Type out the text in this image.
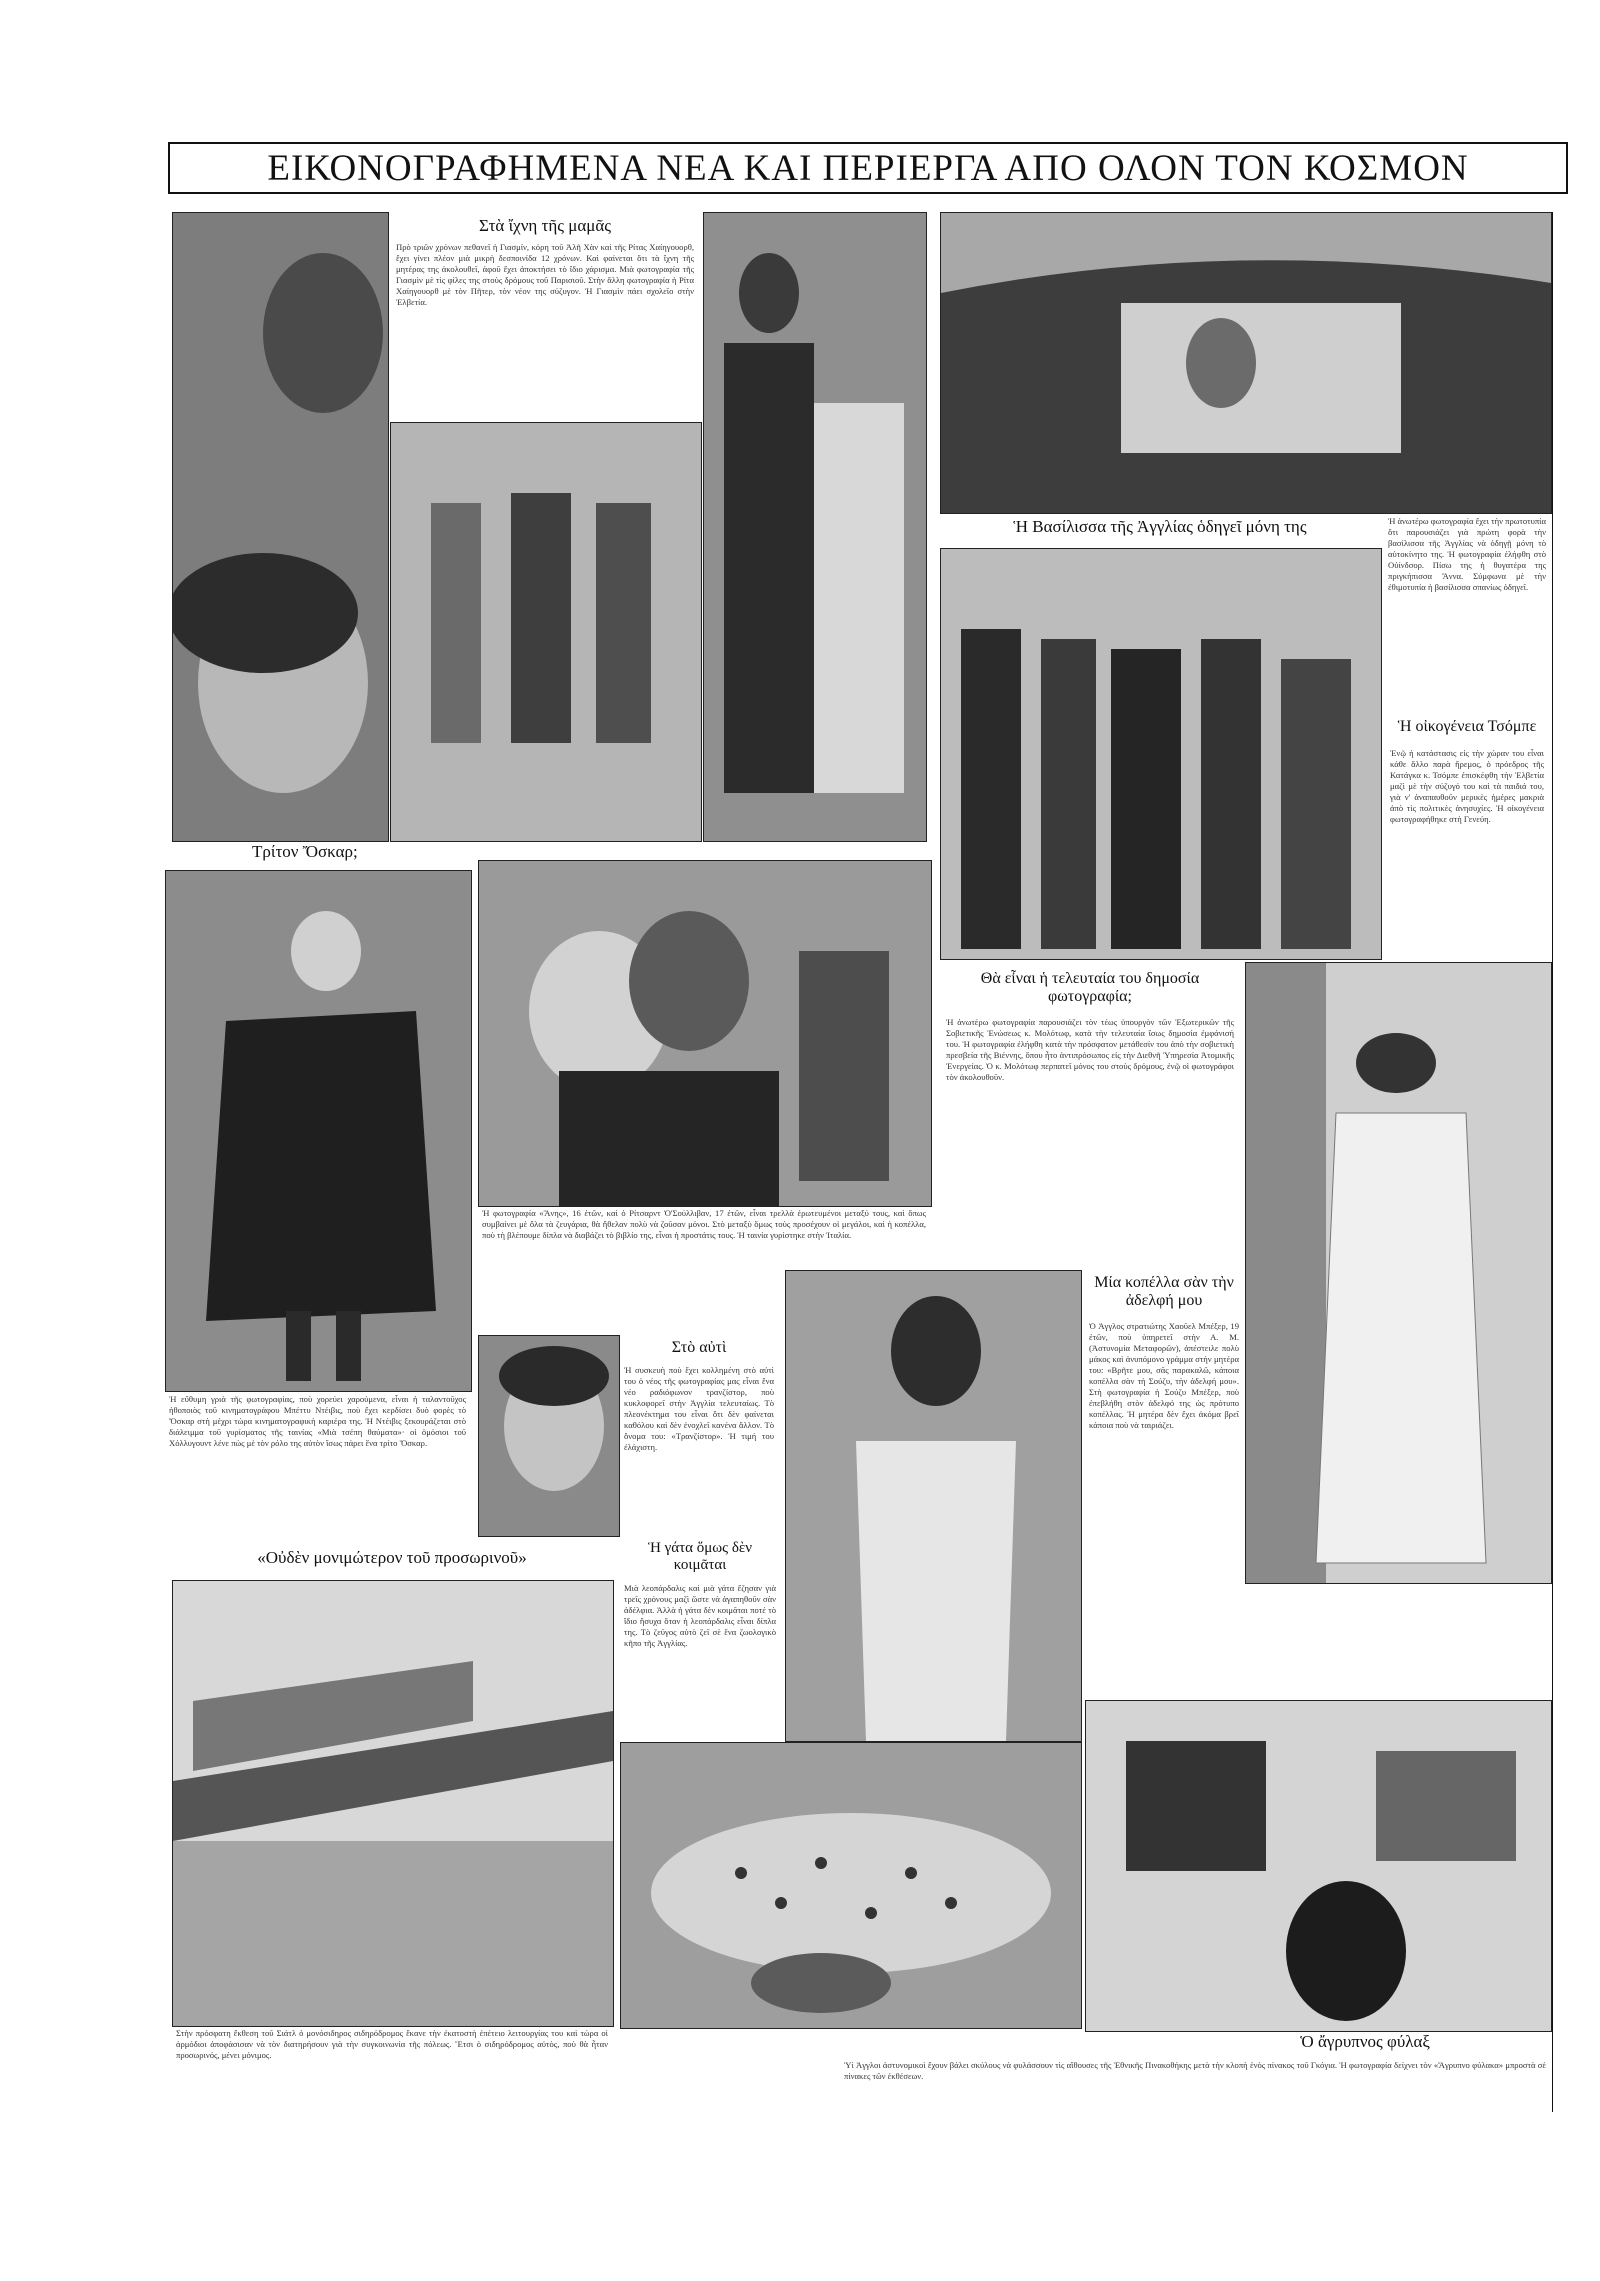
ΕΙΚΟΝΟΓΡΑΦΗΜΕΝΑ ΝΕΑ ΚΑΙ ΠΕΡΙΕΡΓΑ ΑΠΟ ΟΛΟΝ ΤΟΝ ΚΟΣΜΟΝ
Στὰ ἴχνη τῆς μαμᾶς
Πρὸ τριῶν χρόνων πεθανεῖ ἡ Γιασμίν, κόρη τοῦ Ἀλῆ Χὰν καὶ τῆς Ρίτας Χαίηγουορθ, ἔχει γίνει πλέον μιὰ μικρὴ δεσποινίδα 12 χρόνων. Καὶ φαίνεται ὅτι τὰ ἴχνη τῆς μητέρας της ἀκολουθεῖ, ἀφοῦ ἔχει ἀποκτήσει τὸ ἴδιο χάρισμα. Μιὰ φωτογραφία τῆς Γιασμὶν μὲ τὶς φίλες της στοὺς δρόμους τοῦ Παρισιοῦ. Στὴν ἄλλη φωτογραφία ἡ Ρίτα Χαίηγουορθ μὲ τὸν Πῆτερ, τὸν νέον της σύζυγον. Ἡ Γιασμὶν πάει σχολεῖο στὴν Ἐλβετία.
Ἡ Βασίλισσα τῆς Ἀγγλίας ὁδηγεῖ μόνη της	Ἡ ἀνωτέρω φωτογραφία ἔχει τὴν πρωτοτυπία ὅτι παρουσιάζει γιὰ πρώτη φορὰ τὴν βασίλισσα τῆς Ἀγγλίας νὰ ὁδηγῇ μόνη τὸ αὐτοκίνητο της. Ἡ φωτογραφία ἐλήφθη στὸ Οὐίνδσορ. Πίσω της ἡ θυγατέρα της πριγκήπισσα Ἄννα. Σύμφωνα μὲ τὴν ἐθιμοτυπία ἡ βασίλισσα σπανίως ὁδηγεῖ.
Ἡ οἰκογένεια Τσόμπε
Ἐνῷ ἡ κατάστασις εἰς τὴν χώραν του εἶναι κάθε ἄλλο παρὰ ἤρεμος, ὁ πρόεδρος τῆς Κατάγκα κ. Τσόμπε ἐπισκέφθη τὴν Ἑλβετία μαζὶ μὲ τὴν σύζυγό του καὶ τὰ παιδιά του, γιὰ ν' ἀναπαυθοῦν μερικὲς ἡμέρες μακριὰ ἀπὸ τὶς πολιτικὲς ἀνησυχίες. Ἡ οἰκογένεια φωτογραφήθηκε στὴ Γενεύη.
Τρίτον Ὄσκαρ;
Ἡ εὔθυμη γριὰ τῆς φωτογραφίας, ποὺ χορεύει χαρούμενα, εἶναι ἡ ταλαντοῦχος ἠθοποιὸς τοῦ κινηματογράφου Μπέττυ Ντέιβις, ποὺ ἔχει κερδίσει δυὸ φορὲς τὸ Ὄσκαρ στὴ μέχρι τώρα κινηματογραφικὴ καριέρα της. Ἡ Ντέιβις ξεκουράζεται στὸ διάλειμμα τοῦ γυρίσματος τῆς ταινίας «Μιὰ τσέπη θαύματα»· οἱ ὁμόσιοι τοῦ Χόλλυγουντ λένε πὼς μὲ τὸν ρόλο της αὐτὸν ἴσως πάρει ἕνα τρίτο Ὄσκαρ.
Ἡ φωτογραφία «Ἄνης», 16 ἐτῶν, καὶ ὁ Ρίτσαρντ Ὀ'Σούλλιβαν, 17 ἐτῶν, εἶναι τρελλὰ ἐρωτευμένοι μεταξύ τους, καὶ ὅπως συμβαίνει μὲ ὅλα τὰ ζευγάρια, θὰ ἤθελαν πολὺ νὰ ζοῦσαν μόνοι. Στὸ μεταξὺ ὅμως τοὺς προσέχουν οἱ μεγάλοι, καὶ ἡ κοπέλλα, ποὺ τὴ βλέπουμε δίπλα νὰ διαβάζει τὸ βιβλίο της, εἶναι ἡ προστάτις τους. Ἡ ταινία γυρίστηκε στὴν Ἰταλία.
Θὰ εἶναι ἡ τελευταία του δημοσία φωτογραφία;
Ἡ ἀνωτέρω φωτογραφία παρουσιάζει τὸν τέως ὑπουργὸν τῶν Ἐξωτερικῶν τῆς Σοβιετικῆς Ἑνώσεως κ. Μολότωφ, κατὰ τὴν τελευταία ἴσως δημοσία ἐμφάνισή του. Ἡ φωτογραφία ἐλήφθη κατὰ τὴν πρόσφατον μετάθεσίν του ἀπὸ τὴν σοβιετικὴ πρεσβεία τῆς Βιέννης, ὅπου ἦτο ἀντιπρόσωπος εἰς τὴν Διεθνῆ Ὑπηρεσία Ἀτομικῆς Ἐνεργείας. Ὁ κ. Μολότωφ περπατεῖ μόνος του στοὺς δρόμους, ἐνῷ οἱ φωτογράφοι τὸν ἀκολουθοῦν.
Στὸ αὐτὶ
Ἡ συσκευὴ ποὺ ἔχει κολλημένη στὸ αὐτὶ του ὁ νέος τῆς φωτογραφίας μας εἶναι ἕνα νέο ραδιόφωνον τρανζίστορ, ποὺ κυκλοφορεῖ στὴν Ἀγγλία τελευταίως. Τὸ πλεονέκτημα του εἶναι ὅτι δὲν φαίνεται καθόλου καὶ δὲν ἐνοχλεῖ κανένα ἄλλον. Τὸ ὄνομα του: «Τρανζίστορ». Ἡ τιμή του ἐλάχιστη.
Μία κοπέλλα σὰν τὴν ἀδελφή μου
Ὁ Ἀγγλος στρατιώτης Χαοῦελ Μπέξερ, 19 ἐτῶν, ποὺ ὑπηρετεῖ στὴν Α. Μ. (Ἀστυνομία Μεταφορῶν), ἀπέστειλε πολὺ μάκος καὶ ἀνυπόμονο γράμμα στὴν μητέρα του: «Βρῆτε μου, σᾶς παρακαλῶ, κάποια κοπέλλα σὰν τὴ Σούζυ, τὴν ἀδελφή μου». Στὴ φωτογραφία ἡ Σούζυ Μπέξερ, ποὺ ἐπεβλήθη στὸν ἀδελφό της ὡς πρότυπο κοπέλλας. Ἡ μητέρα δὲν ἔχει ἀκόμα βρεῖ κάποια ποὺ νὰ ταιριάζει.
Ἡ γάτα ὅμως δὲν κοιμᾶται
Μιὰ λεοπάρδαλις καὶ μιὰ γάτα ἔζησαν γιὰ τρεῖς χρόνους μαζὶ ὥστε νὰ ἀγαπηθοῦν σὰν ἀδέλφια. Ἀλλὰ ἡ γάτα δὲν κοιμᾶται ποτέ τὸ ἴδιο ἥσυχα ὅταν ἡ λεοπάρδαλις εἶναι δίπλα της. Τὸ ζεῦγος αὐτὸ ζεῖ σὲ ἕνα ζωολογικὸ κῆπο τῆς Ἀγγλίας.
«Οὐδὲν μονιμώτερον τοῦ προσωρινοῦ»
Στὴν πρόσφατη ἔκθεση τοῦ Σιάτλ ὁ μονόσιδηρος σιδηρόδρομος ἔκανε τὴν ἐκατοστὴ ἐπέτειο λειτουργίας του καὶ τώρα οἱ ἁρμόδιοι ἀποφάσισαν νὰ τὸν διατηρήσουν γιὰ τὴν συγκοινωνία τῆς πόλεως. Ἔτσι ὁ σιδηρόδρομος αὐτὸς, ποὺ θὰ ἦταν προσωρινός, μένει μόνιμος.
Ὁ ἄγρυπνος φύλαξ
Ὑὶ Ἀγγλοι ἀστυνομικοὶ ἔχουν βάλει σκύλους νὰ φυλάσσουν τὶς αἴθουσες τῆς Ἐθνικῆς Πινακοθήκης μετὰ τὴν κλοπὴ ἑνὸς πίνακος τοῦ Γκόγια. Ἡ φωτογραφία δείχνει τὸν «Ἄγρυπνο φύλακα» μπροστὰ σὲ πίνακες τῶν ἐκθέσεων.
